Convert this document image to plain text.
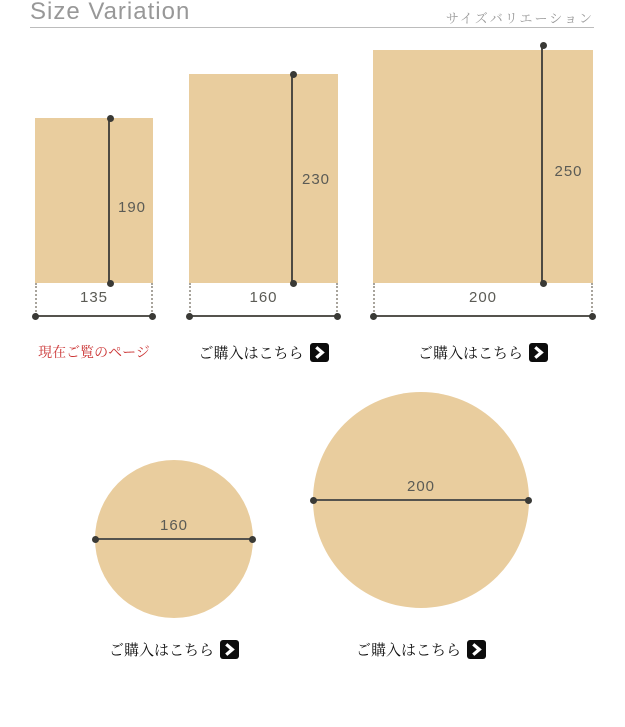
Size Variation	サイズバリエーション
190
135
230
160
250
200
現在ご覧のページ	ご購入はこちら	ご購入はこちら
160
200
ご購入はこちら	ご購入はこちら
